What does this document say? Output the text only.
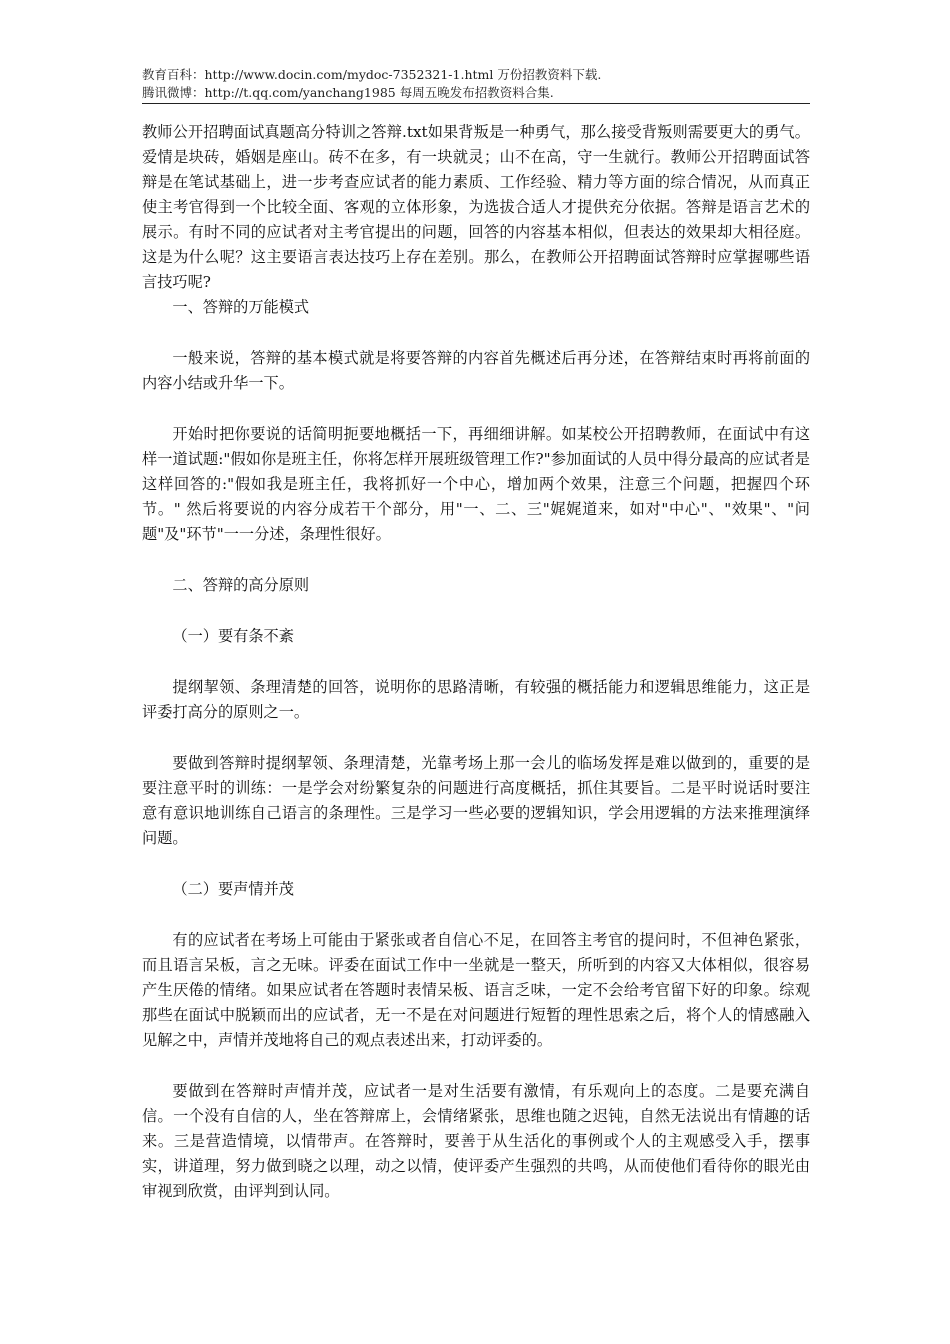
教育百科：http://www.docin.com/mydoc-7352321-1.html 万份招教资料下载.
腾讯微博：http://t.qq.com/yanchang1985 每周五晚发布招教资料合集.

教师公开招聘面试真题高分特训之答辩.txt如果背叛是一种勇气，那么接受背叛则需要更大的勇气。爱情是块砖，婚姻是座山。砖不在多，有一块就灵；山不在高，守一生就行。教师公开招聘面试答辩是在笔试基础上，进一步考查应试者的能力素质、工作经验、精力等方面的综合情况，从而真正使主考官得到一个比较全面、客观的立体形象，为选拔合适人才提供充分依据。答辩是语言艺术的展示。有时不同的应试者对主考官提出的问题，回答的内容基本相似，但表达的效果却大相径庭。这是为什么呢？这主要语言表达技巧上存在差别。那么，在教师公开招聘面试答辩时应掌握哪些语言技巧呢?

一、答辩的万能模式

一般来说，答辩的基本模式就是将要答辩的内容首先概述后再分述，在答辩结束时再将前面的内容小结或升华一下。

开始时把你要说的话简明扼要地概括一下，再细细讲解。如某校公开招聘教师，在面试中有这样一道试题:"假如你是班主任，你将怎样开展班级管理工作?"参加面试的人员中得分最高的应试者是这样回答的:"假如我是班主任，我将抓好一个中心，增加两个效果，注意三个问题，把握四个环节。" 然后将要说的内容分成若干个部分，用"一、二、三"娓娓道来，如对"中心"、"效果"、"问题"及"环节"一一分述，条理性很好。

二、答辩的高分原则

（一）要有条不紊

提纲挈领、条理清楚的回答，说明你的思路清晰，有较强的概括能力和逻辑思维能力，这正是评委打高分的原则之一。

要做到答辩时提纲挈领、条理清楚，光靠考场上那一会儿的临场发挥是难以做到的，重要的是要注意平时的训练：一是学会对纷繁复杂的问题进行高度概括，抓住其要旨。二是平时说话时要注意有意识地训练自己语言的条理性。三是学习一些必要的逻辑知识，学会用逻辑的方法来推理演绎问题。

（二）要声情并茂

有的应试者在考场上可能由于紧张或者自信心不足，在回答主考官的提问时，不但神色紧张，而且语言呆板，言之无味。评委在面试工作中一坐就是一整天，所听到的内容又大体相似，很容易产生厌倦的情绪。如果应试者在答题时表情呆板、语言乏味，一定不会给考官留下好的印象。综观那些在面试中脱颖而出的应试者，无一不是在对问题进行短暂的理性思索之后，将个人的情感融入见解之中，声情并茂地将自己的观点表述出来，打动评委的。

要做到在答辩时声情并茂，应试者一是对生活要有激情，有乐观向上的态度。二是要充满自信。一个没有自信的人，坐在答辩席上，会情绪紧张，思维也随之迟钝，自然无法说出有情趣的话来。三是营造情境，以情带声。在答辩时，要善于从生活化的事例或个人的主观感受入手，摆事实，讲道理，努力做到晓之以理，动之以情，使评委产生强烈的共鸣，从而使他们看待你的眼光由审视到欣赏，由评判到认同。
